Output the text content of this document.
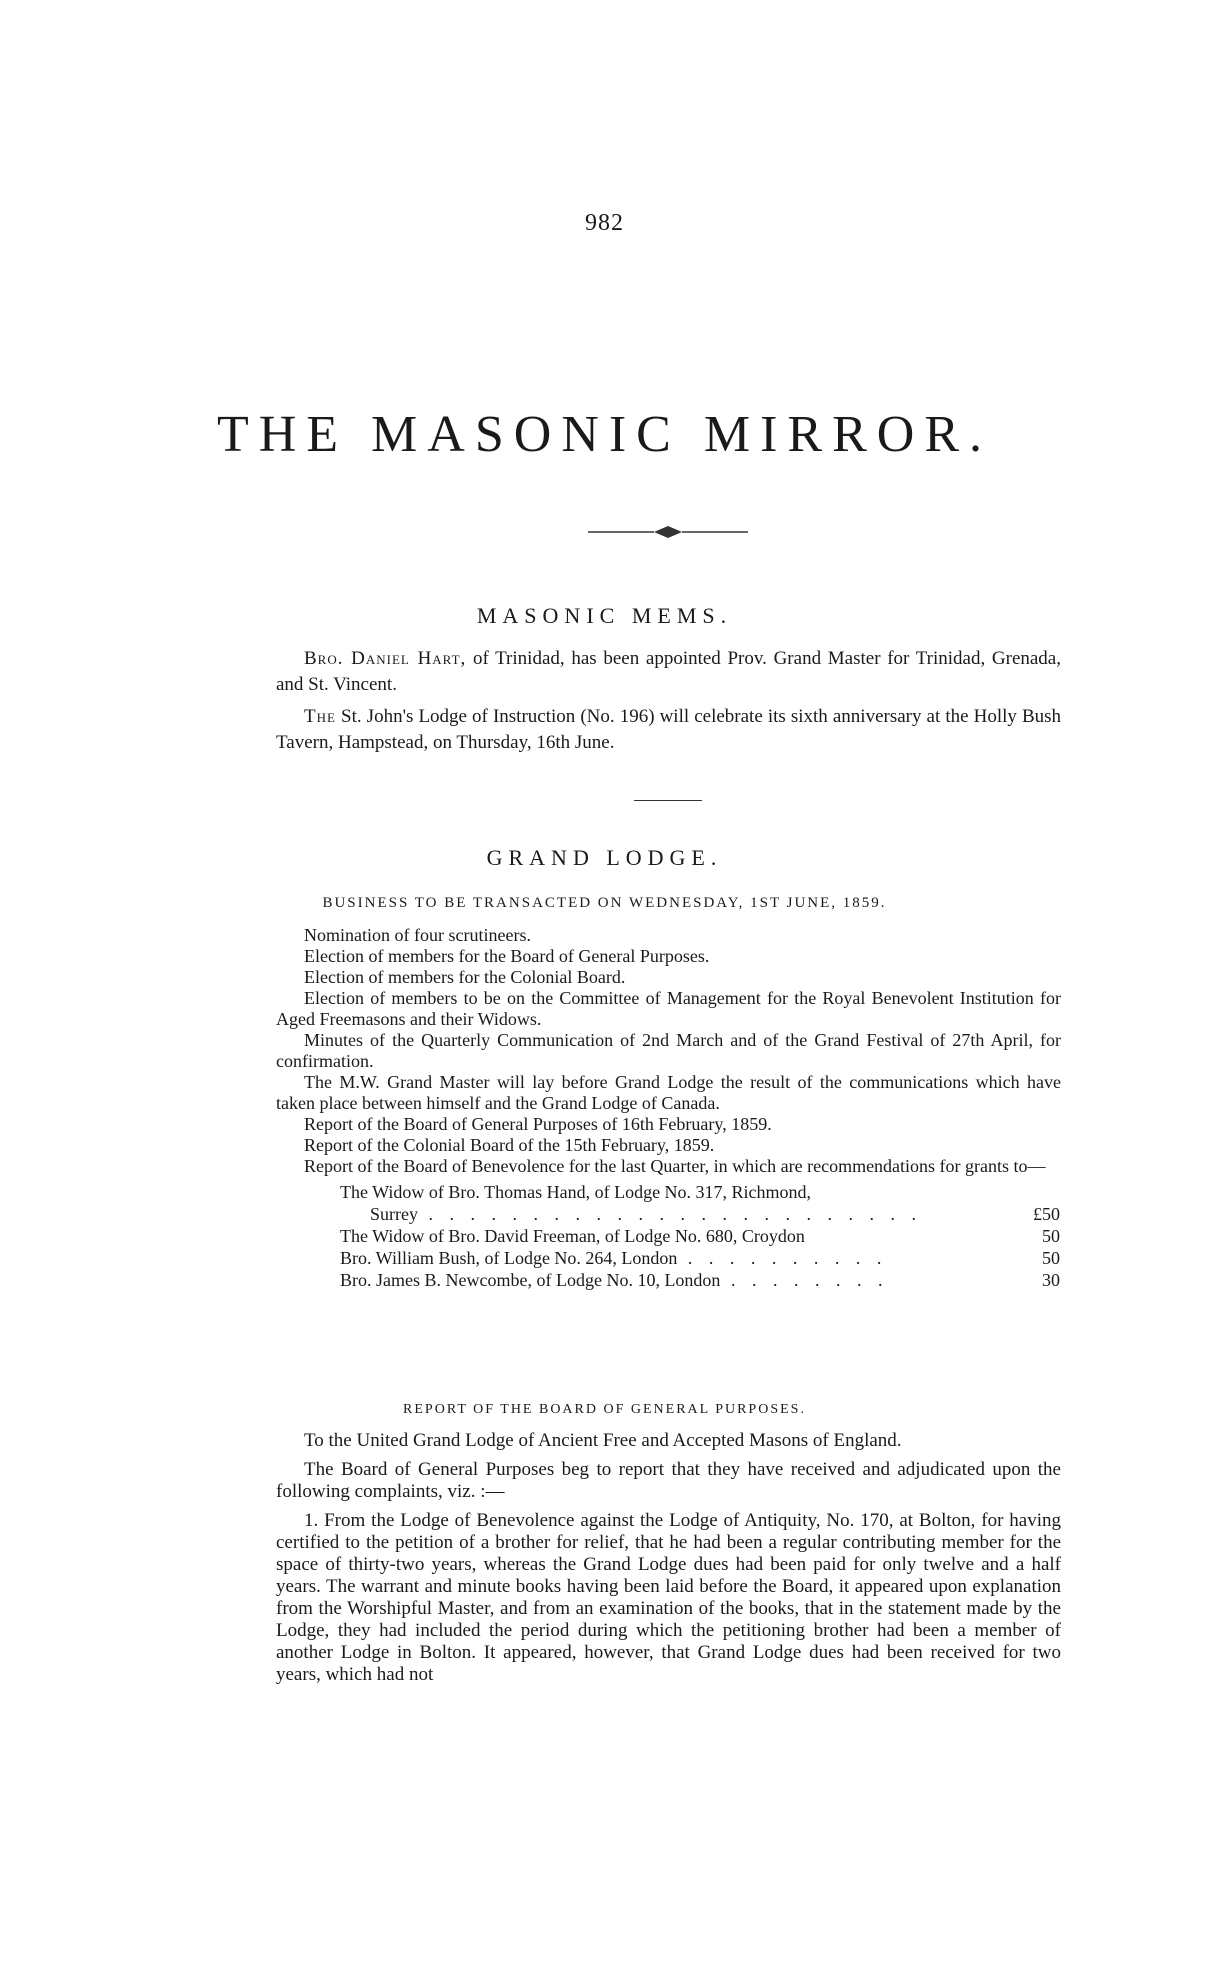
982
THE MASONIC MIRROR.
MASONIC MEMS.

Bro. Daniel Hart, of Trinidad, has been appointed Prov. Grand Master for Trinidad, Grenada, and St. Vincent.

The St. John's Lodge of Instruction (No. 196) will celebrate its sixth anniversary at the Holly Bush Tavern, Hampstead, on Thursday, 16th June.

GRAND LODGE.
BUSINESS TO BE TRANSACTED ON WEDNESDAY, 1ST JUNE, 1859.

Nomination of four scrutineers.

Election of members for the Board of General Purposes.

Election of members for the Colonial Board.

Election of members to be on the Committee of Management for the Royal Benevolent Institution for Aged Freemasons and their Widows.

Minutes of the Quarterly Communication of 2nd March and of the Grand Festival of 27th April, for confirmation.

The M.W. Grand Master will lay before Grand Lodge the result of the communications which have taken place between himself and the Grand Lodge of Canada.

Report of the Board of General Purposes of 16th February, 1859.

Report of the Colonial Board of the 15th February, 1859.

Report of the Board of Benevolence for the last Quarter, in which are recommendations for grants to—

The Widow of Bro. Thomas Hand, of Lodge No. 317, Richmond,
Surrey . . . . . . . . . . . . . . . . . . . . . . . .	£50
The Widow of Bro. David Freeman, of Lodge No. 680, Croydon	50
Bro. William Bush, of Lodge No. 264, London . . . . . . . . . .	50
Bro. James B. Newcombe, of Lodge No. 10, London . . . . . . . .	30
REPORT OF THE BOARD OF GENERAL PURPOSES.

To the United Grand Lodge of Ancient Free and Accepted Masons of England.

The Board of General Purposes beg to report that they have received and adjudicated upon the following complaints, viz. :—

1. From the Lodge of Benevolence against the Lodge of Antiquity, No. 170, at Bolton, for having certified to the petition of a brother for relief, that he had been a regular contributing member for the space of thirty-two years, whereas the Grand Lodge dues had been paid for only twelve and a half years. The warrant and minute books having been laid before the Board, it appeared upon explanation from the Worshipful Master, and from an examination of the books, that in the statement made by the Lodge, they had included the period during which the petitioning brother had been a member of another Lodge in Bolton. It appeared, however, that Grand Lodge dues had been received for two years, which had not
